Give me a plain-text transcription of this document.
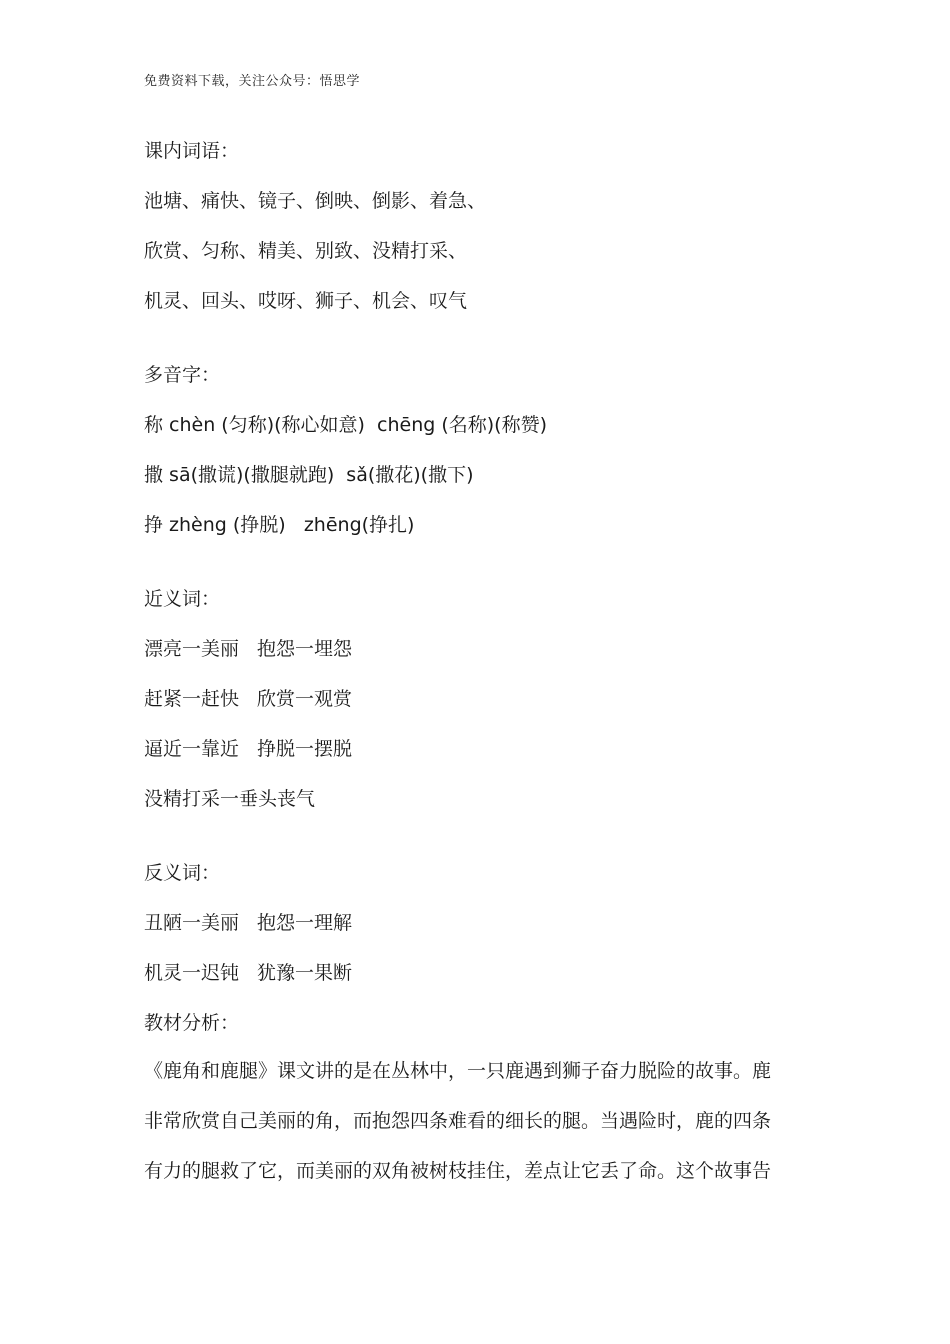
免费资料下载，关注公众号：悟思学
课内词语：
池塘、痛快、镜子、倒映、倒影、着急、
欣赏、匀称、精美、别致、没精打采、
机灵、回头、哎呀、狮子、机会、叹气
多音字：
称 chèn (匀称)(称心如意)  chēng (名称)(称赞)
撒 sā(撒谎)(撒腿就跑)  sǎ(撒花)(撒下)
挣 zhèng (挣脱)   zhēng(挣扎)
近义词：
漂亮一美丽 抱怨一埋怨
赶紧一赶快 欣赏一观赏
逼近一靠近 挣脱一摆脱
没精打采一垂头丧气
反义词：
丑陋一美丽 抱怨一理解
机灵一迟钝 犹豫一果断
教材分析：

《鹿角和鹿腿》课文讲的是在丛林中，一只鹿遇到狮子奋力脱险的故事。鹿

非常欣赏自己美丽的角，而抱怨四条难看的细长的腿。当遇险时，鹿的四条

有力的腿救了它，而美丽的双角被树枝挂住，差点让它丢了命。这个故事告
